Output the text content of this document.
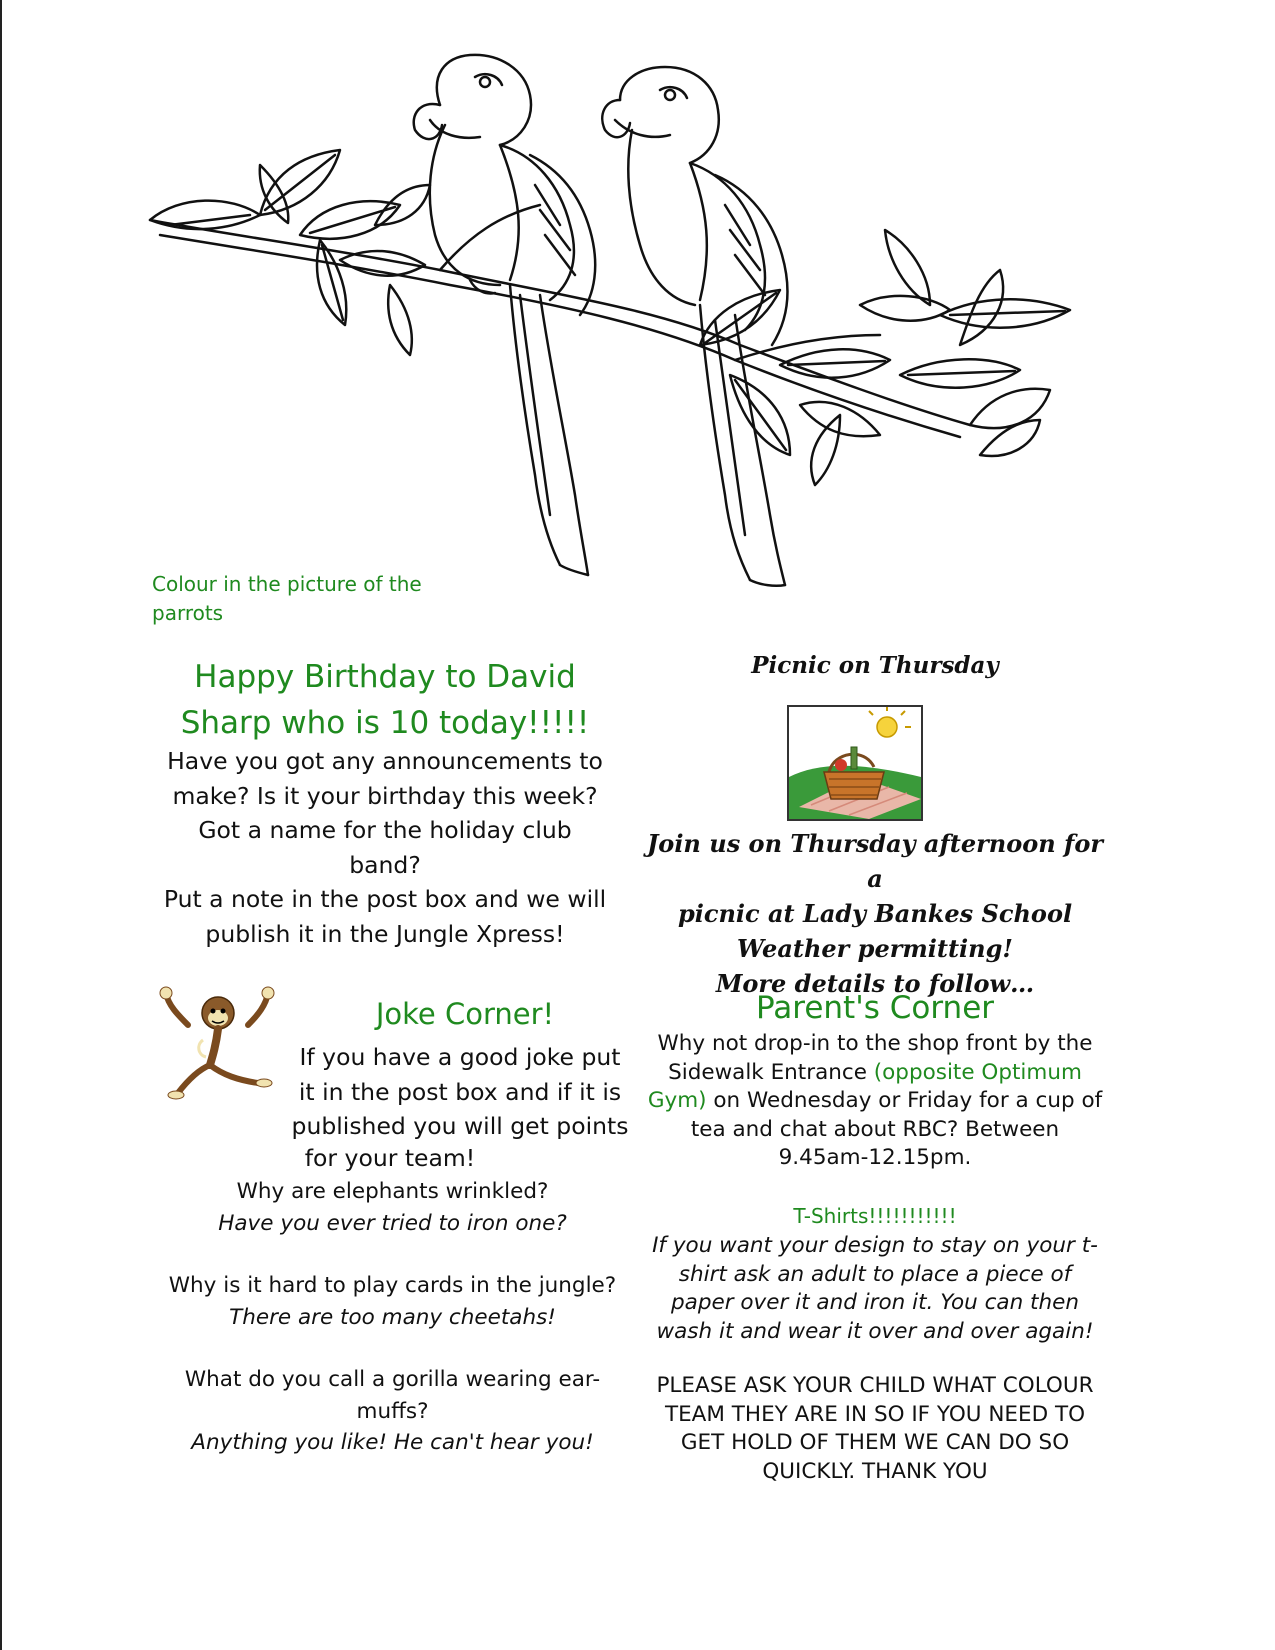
Colour in the picture of the parrots
Happy Birthday to David
Sharp who is 10 today!!!!!
Have you got any announcements to
make? Is it your birthday this week?
Got a name for the holiday club band?
Put a note in the post box and we will
publish it in the Jungle Xpress!
Picnic on Thursday
Join us on Thursday afternoon for a
picnic at Lady Bankes School
Weather permitting!
More details to follow…
Joke Corner!
If you have a good joke put
it in the post box and if it is
published you will get points
for your team!
Why are elephants wrinkled?
Have you ever tried to iron one?
Why is it hard to play cards in the jungle?
There are too many cheetahs!
What do you call a gorilla wearing ear-
muffs?
Anything you like! He can't hear you!
Parent's Corner
Why not drop-in to the shop front by the
Sidewalk Entrance (opposite Optimum
Gym) on Wednesday or Friday for a cup of
tea and chat about RBC? Between
9.45am-12.15pm.
T-Shirts!!!!!!!!!!!
If you want your design to stay on your t-
shirt ask an adult to place a piece of
paper over it and iron it. You can then
wash it and wear it over and over again!
PLEASE ASK YOUR CHILD WHAT COLOUR
TEAM THEY ARE IN SO IF YOU NEED TO
GET HOLD OF THEM WE CAN DO SO
QUICKLY. THANK YOU
